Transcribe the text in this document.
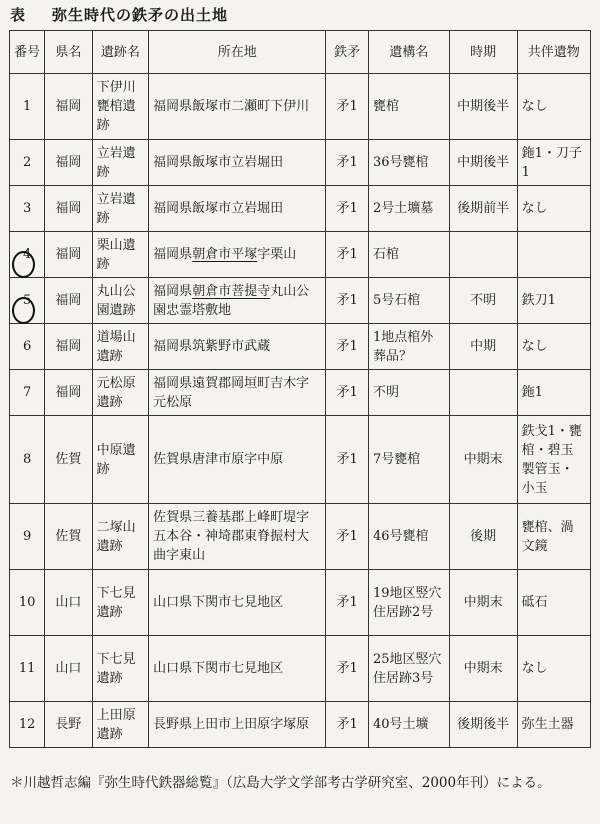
表 弥生時代の鉄矛の出土地
番号	県名	遺跡名	所在地	鉄矛	遺構名	時期	共伴遺物
1	福岡	下伊川甕棺遺跡	福岡県飯塚市二瀬町下伊川	矛1	甕棺	中期後半	なし
2	福岡	立岩遺跡	福岡県飯塚市立岩堀田	矛1	36号甕棺	中期後半	鉇1・刀子1
3	福岡	立岩遺跡	福岡県飯塚市立岩堀田	矛1	2号土壙墓	後期前半	なし
4	福岡	栗山遺跡	福岡県朝倉市平塚字栗山	矛1	石棺		
5	福岡	丸山公園遺跡	福岡県朝倉市菩提寺丸山公園忠霊塔敷地	矛1	5号石棺	不明	鉄刀1
6	福岡	道場山遺跡	福岡県筑紫野市武蔵	矛1	1地点棺外葬品？	中期	なし
7	福岡	元松原遺跡	福岡県遠賀郡岡垣町吉木字元松原	矛1	不明		鉇1
8	佐賀	中原遺跡	佐賀県唐津市原字中原	矛1	7号甕棺	中期末	鉄戈1・甕棺・碧玉製管玉・小玉
9	佐賀	二塚山遺跡	佐賀県三養基郡上峰町堤字五本谷・神埼郡東脊振村大曲字東山	矛1	46号甕棺	後期	甕棺、渦文鏡
10	山口	下七見遺跡	山口県下関市七見地区	矛1	19地区竪穴住居跡2号	中期末	砥石
11	山口	下七見遺跡	山口県下関市七見地区	矛1	25地区竪穴住居跡3号	中期末	なし
12	長野	上田原遺跡	長野県上田市上田原字塚原	矛1	40号土壙	後期後半	弥生土器
＊川越哲志編『弥生時代鉄器総覧』（広島大学文学部考古学研究室、2000年刊）による。
